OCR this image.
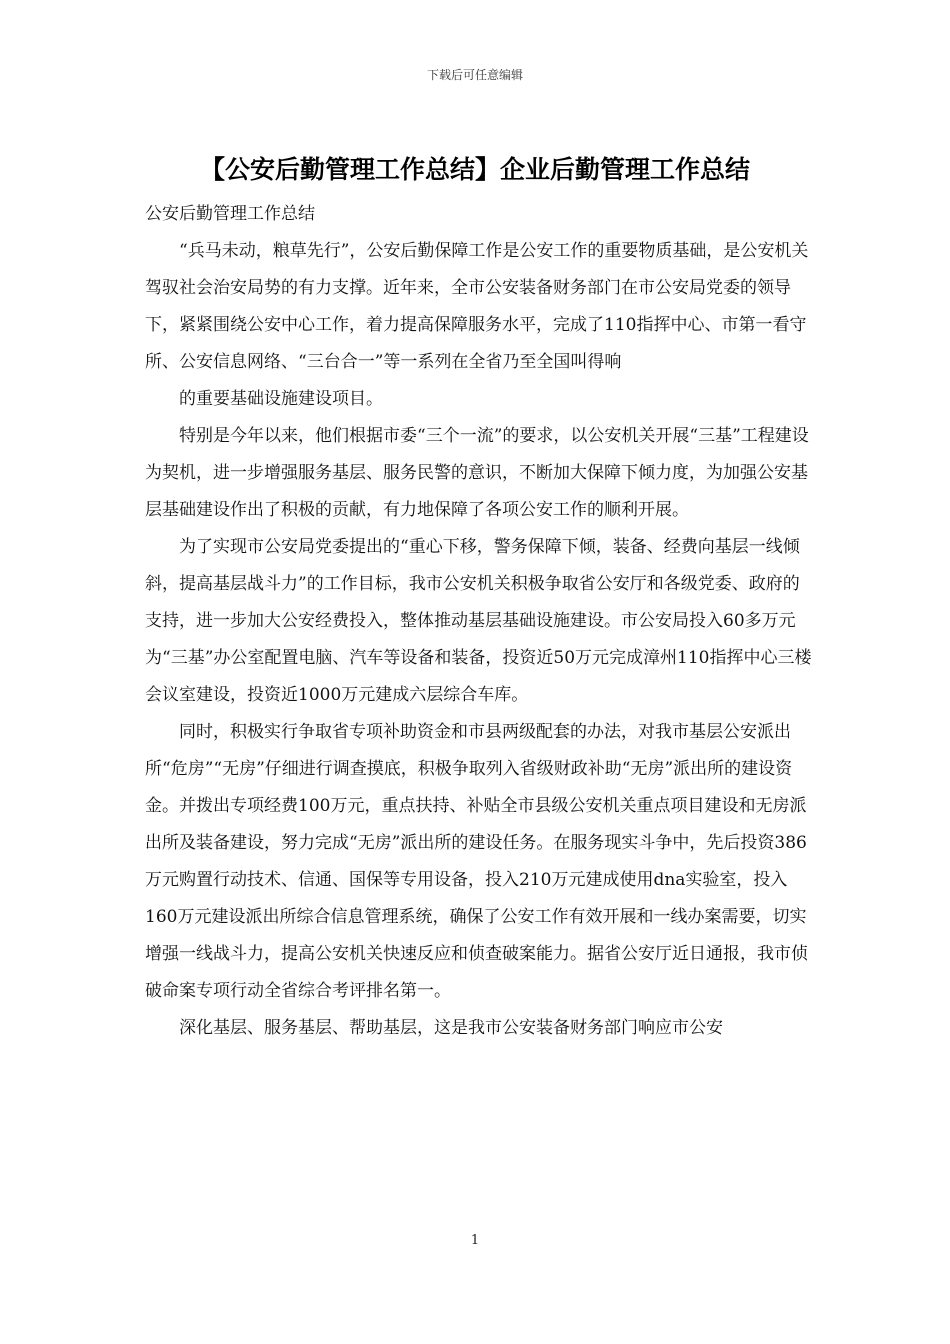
下载后可任意编辑
【公安后勤管理工作总结】企业后勤管理工作总结

公安后勤管理工作总结

“兵马未动，粮草先行”，公安后勤保障工作是公安工作的重要物质基础，是公安机关驾驭社会治安局势的有力支撑。近年来，全市公安装备财务部门在市公安局党委的领导下，紧紧围绕公安中心工作，着力提高保障服务水平，完成了110指挥中心、市第一看守所、公安信息网络、“三台合一”等一系列在全省乃至全国叫得响

的重要基础设施建设项目。

特别是今年以来，他们根据市委“三个一流”的要求，以公安机关开展“三基”工程建设为契机，进一步增强服务基层、服务民警的意识，不断加大保障下倾力度，为加强公安基层基础建设作出了积极的贡献，有力地保障了各项公安工作的顺利开展。

为了实现市公安局党委提出的“重心下移，警务保障下倾，装备、经费向基层一线倾斜，提高基层战斗力”的工作目标，我市公安机关积极争取省公安厅和各级党委、政府的支持，进一步加大公安经费投入，整体推动基层基础设施建设。市公安局投入60多万元为“三基”办公室配置电脑、汽车等设备和装备，投资近50万元完成漳州110指挥中心三楼会议室建设，投资近1000万元建成六层综合车库。

同时，积极实行争取省专项补助资金和市县两级配套的办法，对我市基层公安派出所“危房”“无房”仔细进行调查摸底，积极争取列入省级财政补助“无房”派出所的建设资金。并拨出专项经费100万元，重点扶持、补贴全市县级公安机关重点项目建设和无房派出所及装备建设，努力完成“无房”派出所的建设任务。在服务现实斗争中，先后投资386万元购置行动技术、信通、国保等专用设备，投入210万元建成使用dna实验室，投入160万元建设派出所综合信息管理系统，确保了公安工作有效开展和一线办案需要，切实增强一线战斗力，提高公安机关快速反应和侦查破案能力。据省公安厅近日通报，我市侦破命案专项行动全省综合考评排名第一。

深化基层、服务基层、帮助基层，这是我市公安装备财务部门响应市公安

1
